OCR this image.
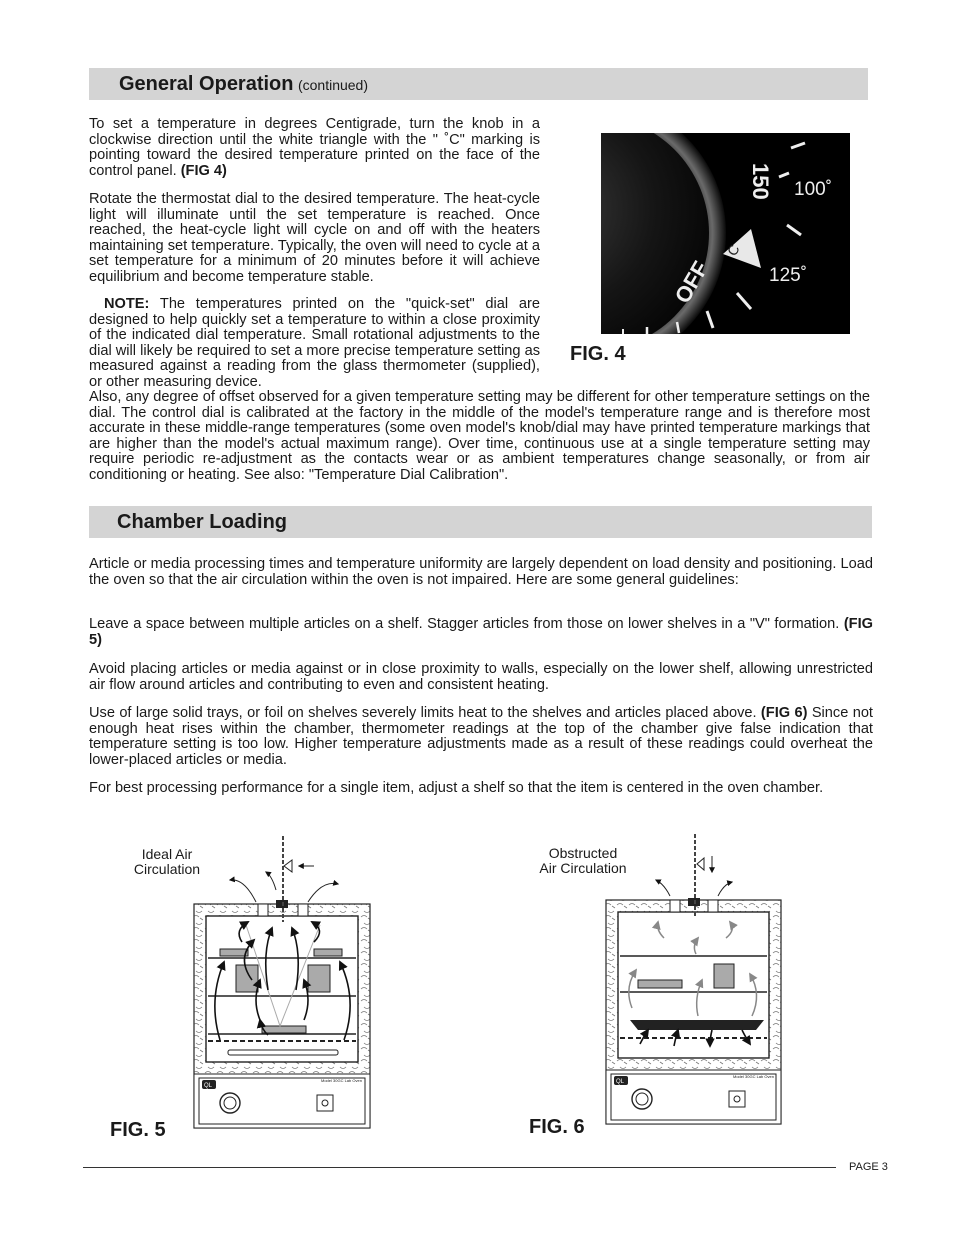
General Operation (continued)

To set a temperature in degrees Centigrade, turn the knob in a clockwise direction until the white triangle with the " ˚C" marking is pointing toward the desired temperature printed on the face of the control panel. (FIG 4)

Rotate the thermostat dial to the desired temperature. The heat-cycle light will illuminate until the set temperature is reached. Once reached, the heat-cycle light will cycle on and off with the heaters maintaining set temperature. Typically, the oven will need to cycle at a set temperature for a minimum of 20 minutes before it will achieve equilibrium and become temperature stable.

NOTE: The temperatures printed on the "quick-set" dial are designed to help quickly set a temperature to within a close proximity of the indicated dial temperature. Small rotational adjustments to the dial will likely be required to set a more precise temperature setting as measured against a reading from the glass thermometer (supplied), or other measuring device.

Also, any degree of offset observed for a given temperature setting may be different for other temperature settings on the dial. The control dial is calibrated at the factory in the middle of the model's temperature range and is therefore most accurate in these middle-range temperatures (some oven model's knob/dial may have printed temperature markings that are higher than the model's actual maximum range). Over time, continuous use at a single temperature setting may require periodic re-adjustment as the contacts wear or as ambient temperatures change seasonally, or from air conditioning or heating. See also: "Temperature Dial Calibration".

C
150 100˚
125˚
OFF
FIG. 4
Chamber Loading

Article or media processing times and temperature uniformity are largely dependent on load density and positioning. Load the oven so that the air circulation within the oven is not impaired. Here are some general guidelines:

Leave a space between multiple articles on a shelf. Stagger articles from those on lower shelves in a "V" formation. (FIG 5)

Avoid placing articles or media against or in close proximity to walls, especially on the lower shelf, allowing unrestricted air flow around articles and contributing to even and consistent heating.

Use of large solid trays, or foil on shelves severely limits heat to the shelves and articles placed above. (FIG 6) Since not enough heat rises within the chamber, thermometer readings at the top of the chamber give false indication that temperature setting is too low. Higher temperature adjustments made as a result of these readings could overheat the lower-placed articles or media.

For best processing performance for a single item, adjust a shelf so that the item is centered in the oven chamber.

Ideal Air
Circulation
QL
Model 30GC Lab Oven
FIG. 5
Obstructed
Air Circulation
QL
Model 30GC Lab Oven
FIG. 6
PAGE 3
